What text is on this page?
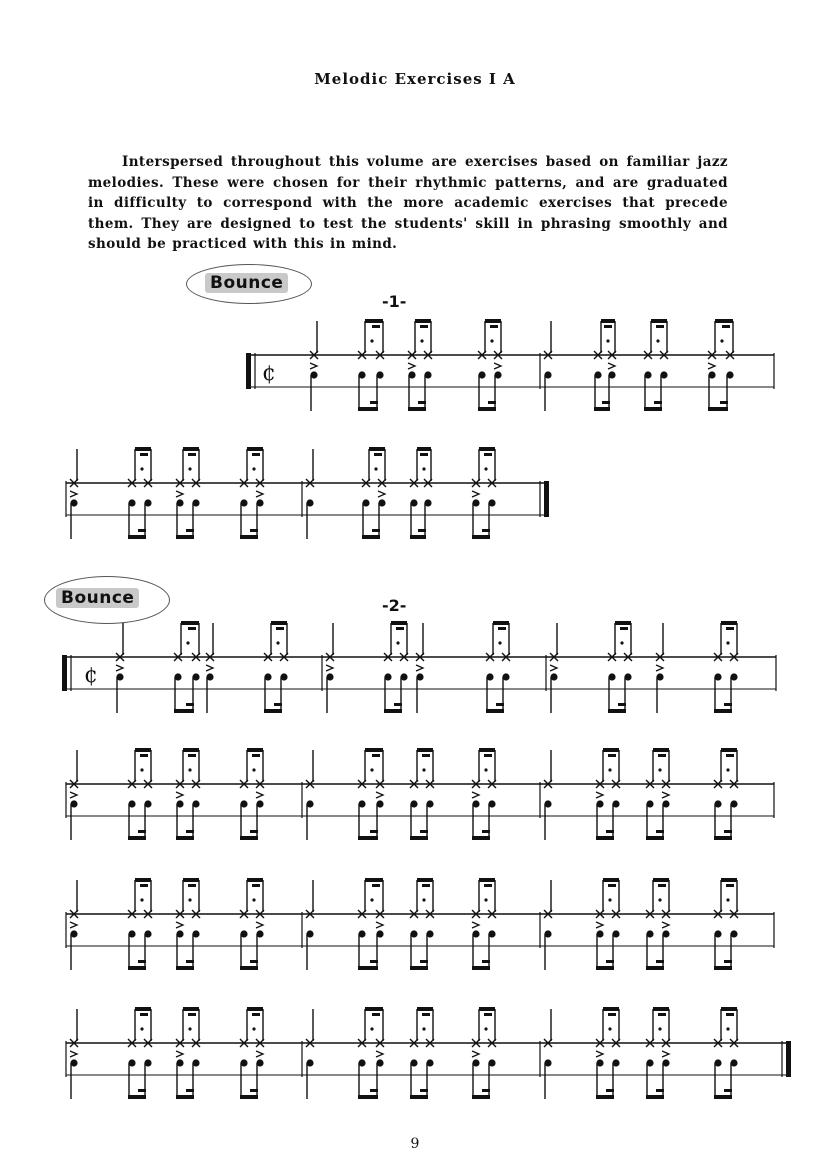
Melodic Exercises I A

Interspersed throughout this volume are exercises based on familiar jazz melodies. These were chosen for their rhythmic patterns, and are graduated in difficulty to correspond with the more academic exercises that precede them. They are designed to test the students' skill in phrasing smoothly and should be practiced with this in mind.

Bounce
-1-
Bounce	-2-
¢
¢
9
